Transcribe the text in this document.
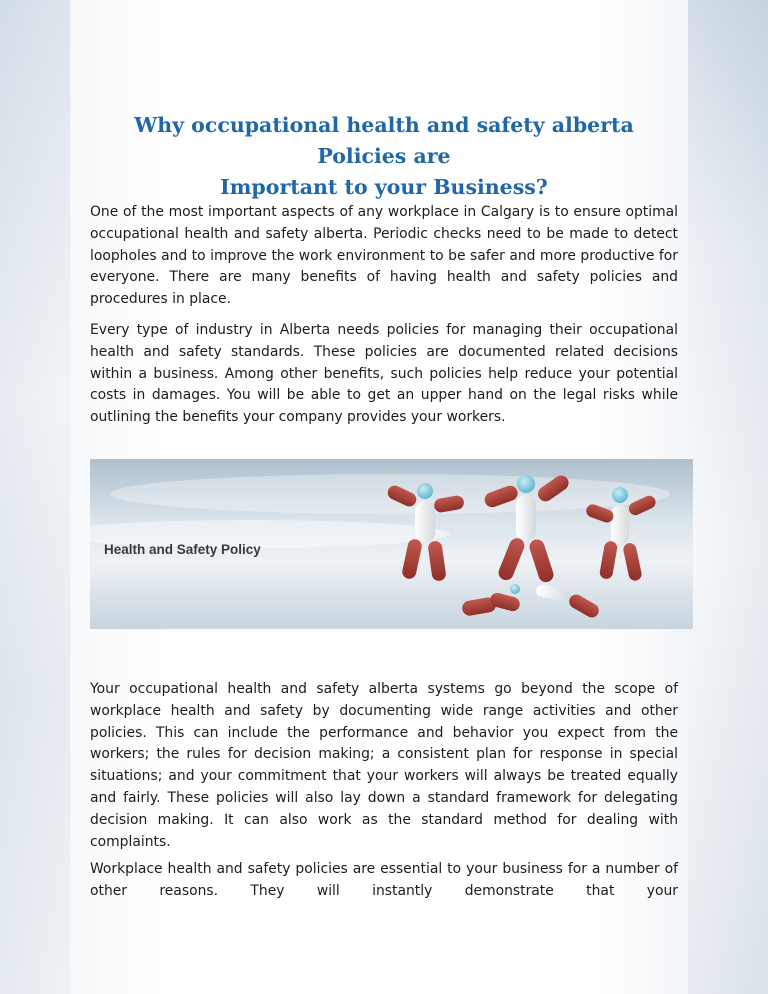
Why occupational health and safety alberta Policies are
Important to your Business?

One of the most important aspects of any workplace in Calgary is to ensure optimal occupational health and safety alberta. Periodic checks need to be made to detect loopholes and to improve the work environment to be safer and more productive for everyone. There are many benefits of having health and safety policies and procedures in place.

Every type of industry in Alberta needs policies for managing their occupational health and safety standards. These policies are documented related decisions within a business. Among other benefits, such policies help reduce your potential costs in damages. You will be able to get an upper hand on the legal risks while outlining the benefits your company provides your workers.

Health and Safety Policy

Your occupational health and safety alberta systems go beyond the scope of workplace health and safety by documenting wide range activities and other policies. This can include the performance and behavior you expect from the workers; the rules for decision making; a consistent plan for response in special situations; and your commitment that your workers will always be treated equally and fairly. These policies will also lay down a standard framework for delegating decision making. It can also work as the standard method for dealing with complaints.

Workplace health and safety policies are essential to your business for a number of other reasons. They will instantly demonstrate that your
